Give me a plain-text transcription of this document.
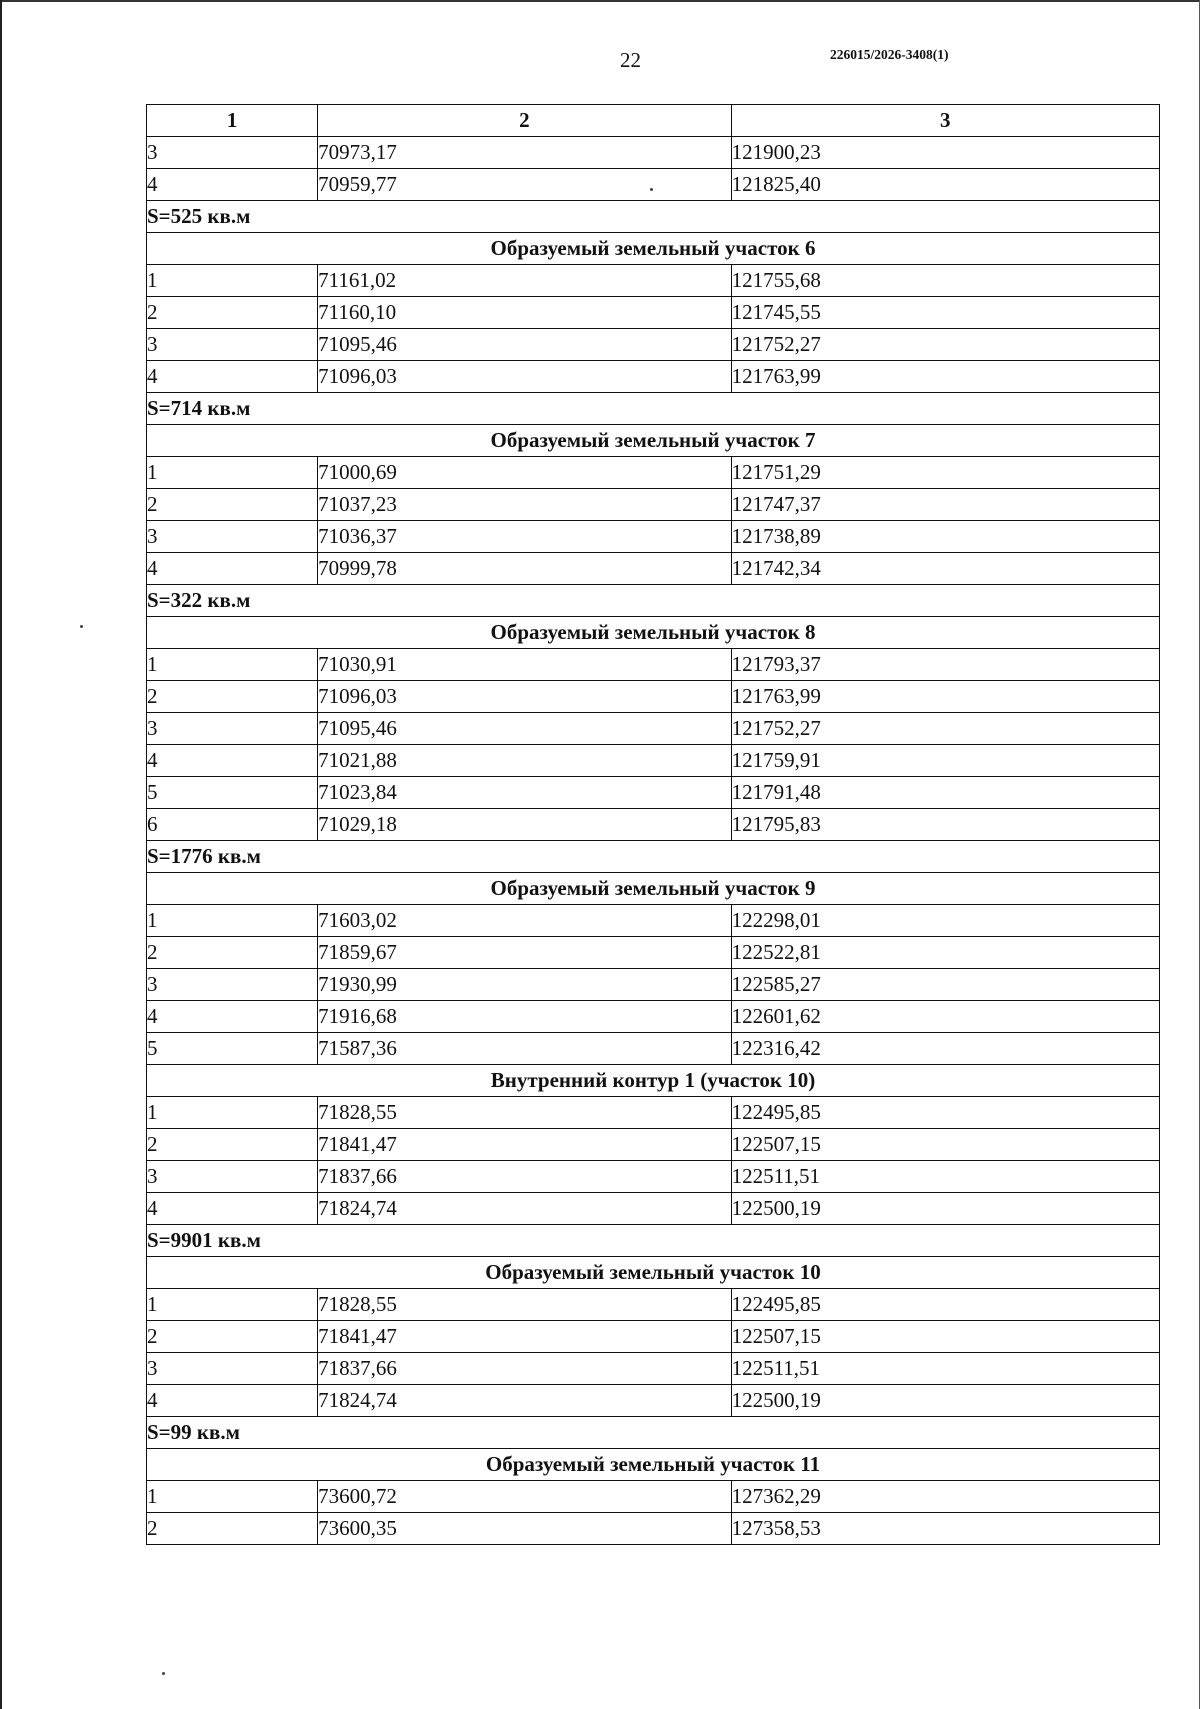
22	226015/2026-3408(1)
1	2	3
3	70973,17	121900,23
4	70959,77	121825,40
S=525 кв.м		
Образуемый земельный участок 6		
1	71161,02	121755,68
2	71160,10	121745,55
3	71095,46	121752,27
4	71096,03	121763,99
S=714 кв.м		
Образуемый земельный участок 7		
1	71000,69	121751,29
2	71037,23	121747,37
3	71036,37	121738,89
4	70999,78	121742,34
S=322 кв.м		
Образуемый земельный участок 8		
1	71030,91	121793,37
2	71096,03	121763,99
3	71095,46	121752,27
4	71021,88	121759,91
5	71023,84	121791,48
6	71029,18	121795,83
S=1776 кв.м		
Образуемый земельный участок 9		
1	71603,02	122298,01
2	71859,67	122522,81
3	71930,99	122585,27
4	71916,68	122601,62
5	71587,36	122316,42
Внутренний контур 1 (участок 10)		
1	71828,55	122495,85
2	71841,47	122507,15
3	71837,66	122511,51
4	71824,74	122500,19
S=9901 кв.м		
Образуемый земельный участок 10		
1	71828,55	122495,85
2	71841,47	122507,15
3	71837,66	122511,51
4	71824,74	122500,19
S=99 кв.м		
Образуемый земельный участок 11		
1	73600,72	127362,29
2	73600,35	127358,53
